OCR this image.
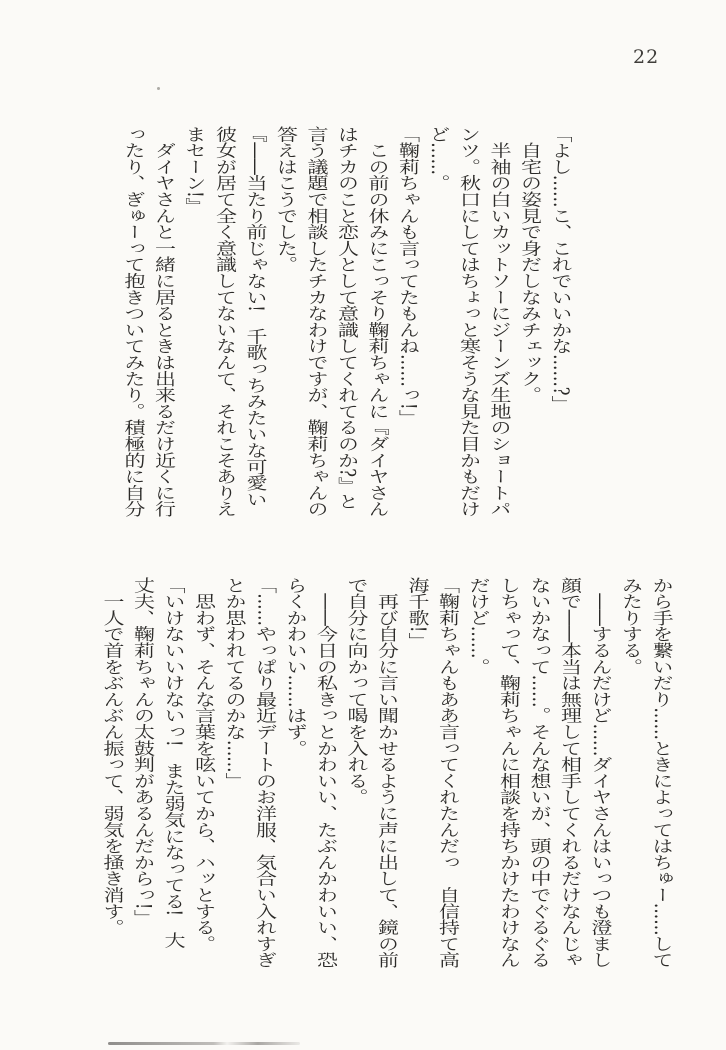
22
「よし……こ、これでいいかな……?」
　自宅の姿見で身だしなみチェック。
　半袖の白いカットソーにジーンズ生地のショートパ
ンツ。秋口にしてはちょっと寒そうな見た目かもだけ
ど……。
「鞠莉ちゃんも言ってたもんね……っ!」
　この前の休みにこっそり鞠莉ちゃんに『ダイヤさん
はチカのこと恋人として意識してくれてるのか?』と
言う議題で相談したチカなわけですが、鞠莉ちゃんの
答えはこうでした。
『――当たり前じゃない!　千歌っちみたいな可愛い
彼女が居て全く意識してないなんて、それこそありえ
まセーン!』
　ダイヤさんと一緒に居るときは出来るだけ近くに行
ったり、ぎゅーって抱きついてみたり。積極的に自分
から手を繋いだり……ときによってはちゅー……して
みたりする。
　――するんだけど……ダイヤさんはいっつも澄まし
顔で――本当は無理して相手してくれるだけなんじゃ
ないかなって……。そんな想いが、頭の中でぐるぐる
しちゃって、鞠莉ちゃんに相談を持ちかけたわけなん
だけど……。
「鞠莉ちゃんもああ言ってくれたんだっ　自信持て高
海千歌!」
　再び自分に言い聞かせるように声に出して、鏡の前
で自分に向かって喝を入れる。
　――今日の私きっとかわいい、たぶんかわいい、恐
らくかわいい……はず。
「……やっぱり最近デートのお洋服、気合い入れすぎ
とか思われてるのかな……」
　思わず、そんな言葉を呟いてから、ハッとする。
「いけないいけないっ!　また弱気になってる!　大
丈夫、鞠莉ちゃんの太鼓判があるんだからっ!」
　一人で首をぶんぶん振って、弱気を掻き消す。
